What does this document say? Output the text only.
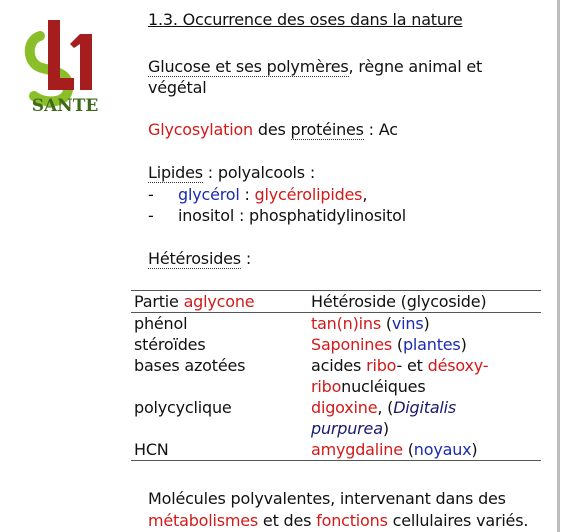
SANTE
1.3. Occurrence des oses dans la nature
Glucose et ses polymères, règne animal et
végétal
Glycosylation des protéines : Ac
Lipides : polyalcools :
- glycérol : glycérolipides,
- inositol : phosphatidylinositol
Hétérosides :
Partie aglycone	Hétéroside (glycoside)
phénol	tan(n)ins (vins)
stéroïdes	Saponines (plantes)
bases azotées	acides ribo- et désoxy-
ribonucléiques
polycyclique	digoxine, (Digitalis purpurea)
HCN	amygdaline (noyaux)
Molécules polyvalentes, intervenant dans des
métabolismes et des fonctions cellulaires variés.
